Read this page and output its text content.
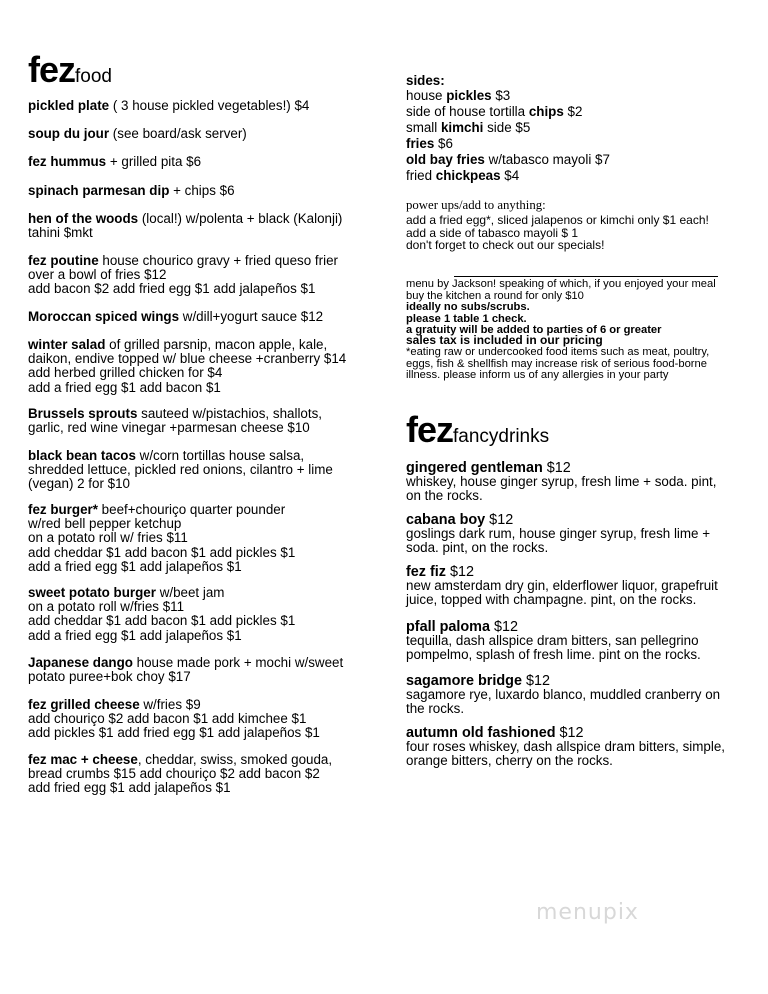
fezfood
pickled plate ( 3 house pickled vegetables!) $4
soup du jour (see board/ask server)
fez hummus + grilled pita $6
spinach parmesan dip + chips $6
hen of the woods (local!) w/polenta + black (Kalonji)
tahini $mkt
fez poutine house chourico gravy + fried queso frier
over a bowl of fries $12
add bacon $2 add fried egg $1 add jalapeños $1
Moroccan spiced wings w/dill+yogurt sauce $12
winter salad of grilled parsnip, macon apple, kale,
daikon, endive topped w/ blue cheese +cranberry $14
add herbed grilled chicken for $4
add a fried egg $1 add bacon $1
Brussels sprouts sauteed w/pistachios, shallots,
garlic, red wine vinegar +parmesan cheese $10
black bean tacos w/corn tortillas house salsa,
shredded lettuce, pickled red onions, cilantro + lime
(vegan) 2 for $10
fez burger* beef+chouriço quarter pounder
w/red bell pepper ketchup
on a potato roll w/ fries $11
add cheddar $1 add bacon $1 add pickles $1
add a fried egg $1 add jalapeños $1
sweet potato burger w/beet jam
on a potato roll w/fries $11
add cheddar $1 add bacon $1 add pickles $1
add a fried egg $1 add jalapeños $1
Japanese dango house made pork + mochi w/sweet
potato puree+bok choy $17
fez grilled cheese w/fries $9
add chouriço $2 add bacon $1 add kimchee $1
add pickles $1 add fried egg $1 add jalapeños $1
fez mac + cheese, cheddar, swiss, smoked gouda,
bread crumbs $15 add chouriço $2 add bacon $2
add fried egg $1 add jalapeños $1
sides:
house pickles $3
side of house tortilla chips $2
small kimchi side $5
fries $6
old bay fries w/tabasco mayoli $7
fried chickpeas $4
power ups/add to anything:
add a fried egg*, sliced jalapenos or kimchi only $1 each!
add a side of tabasco mayoli $ 1
don't forget to check out our specials!
menu by Jackson! speaking of which, if you enjoyed your meal
buy the kitchen a round for only $10
ideally no subs/scrubs.
please 1 table 1 check.
a gratuity will be added to parties of 6 or greater
sales tax is included in our pricing
*eating raw or undercooked food items such as meat, poultry,
eggs, fish & shellfish may increase risk of serious food-borne
illness. please inform us of any allergies in your party
fezfancydrinks
gingered gentleman $12
whiskey, house ginger syrup, fresh lime + soda. pint,
on the rocks.
cabana boy $12
goslings dark rum, house ginger syrup, fresh lime +
soda. pint, on the rocks.
fez fiz $12
new amsterdam dry gin, elderflower liquor, grapefruit
juice, topped with champagne. pint, on the rocks.
pfall paloma $12
tequilla, dash allspice dram bitters, san pellegrino
pompelmo, splash of fresh lime. pint on the rocks.
sagamore bridge $12
sagamore rye, luxardo blanco, muddled cranberry on
the rocks.
autumn old fashioned $12
four roses whiskey, dash allspice dram bitters, simple,
orange bitters, cherry on the rocks.
menupix
